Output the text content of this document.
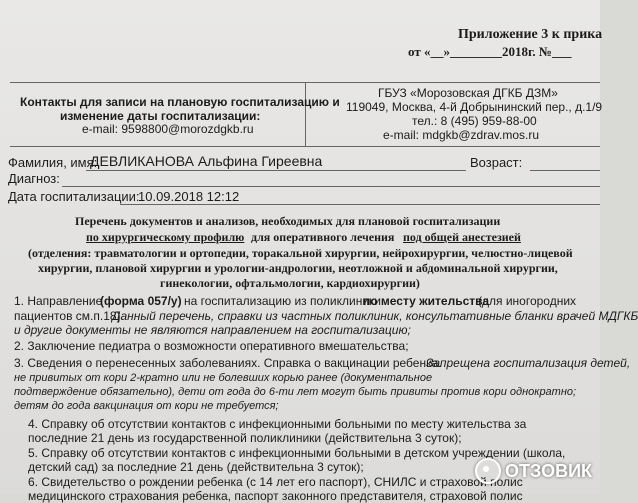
Приложение 3 к прика
от «__»________2018г. №___
Контакты для записи на плановую госпитализацию и
изменение даты госпитализации:
e-mail: 9598800@morozdgkb.ru
ГБУЗ «Морозовская ДГКБ ДЗМ»
119049, Москва, 4-й Добрынинский пер., д.1/9
тел.: 8 (495) 959-88-00
e-mail: mdgkb@zdrav.mos.ru
Фамилия, имя:
ДЕВЛИКАНОВА Альфина Гиреевна	Возраст:
Диагноз:
Дата госпитализации:
10.09.2018 12:12
Перечень документов и анализов, необходимых для плановой госпитализации
по хирургическому профилю для оперативного лечения под общей анестезией
(отделения: травматологии и ортопедии, торакальной хирургии, нейрохирургии, челюстно-лицевой
хирургии, плановой хирургии и урологии-андрологии, неотложной и абдоминальной хирургии,
гинекологии, офтальмологии, кардиохирургии)
1. Направление
(форма 057/у) на госпитализацию из поликлиники
по месту жительства
(для иногородних
пациентов см.п.18).
Данный перечень, справки из частных поликлиник, консультативные бланки врачей МДГКБ
и другие документы не являются направлением на госпитализацию;
2. Заключение педиатра о возможности оперативного вмешательства;
3. Сведения о перенесенных заболеваниях. Справка о вакцинации ребенка.
Запрещена госпитализация детей,
не привитых от кори 2-кратно или не болевших корью ранее (документальное
подтверждение обязательно), дети от года до 6-ти лет могут быть привиты против кори однократно;
детям до года вакцинация от кори не требуется;
4. Справку об отсутствии контактов с инфекционными больными по месту жительства за
последние 21 день из государственной поликлиники (действительна 3 суток);
5. Справку об отсутствии контактов с инфекционными больными в детском учреждении (школа,
детский сад) за последние 21 день (действительна 3 суток);
6. Свидетельство о рождении ребенка (с 14 лет его паспорт), СНИЛС и страховой полис
медицинского страхования ребенка, паспорт законного представителя, страховой полис
ОТЗОВИК
